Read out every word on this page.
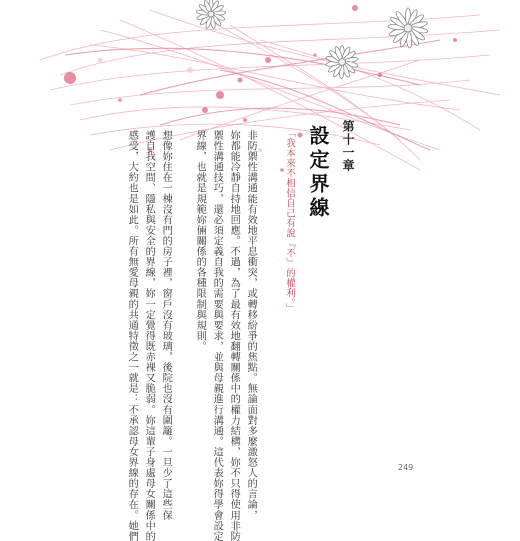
第十一章
設定界線
「我本來不相信自己有說『不』的權利。」
非防禦性溝通能有效地平息衝突，或轉移紛爭的焦點。無論面對多麼激怒人的言論，
妳都能冷靜自持地回應。不過，為了最有效地翻轉關係中的權力結構，妳不只得使用非防
禦性溝通技巧，還必須定義自我的需要與要求，並與母親進行溝通。這代表妳得學會設定
界線，也就是規範妳倆關係的各種限制與規則。
想像妳住在一棟沒有門的房子裡，窗戶沒有玻璃，後院也沒有圍籬。一旦少了這些保
護自我空間、隱私與安全的界線，妳一定覺得既赤裸又脆弱。妳這輩子身處母女關係中的
感受，大約也是如此。所有無愛母親的共通特徵之一就是：不承認母女界線的存在。她們	249
